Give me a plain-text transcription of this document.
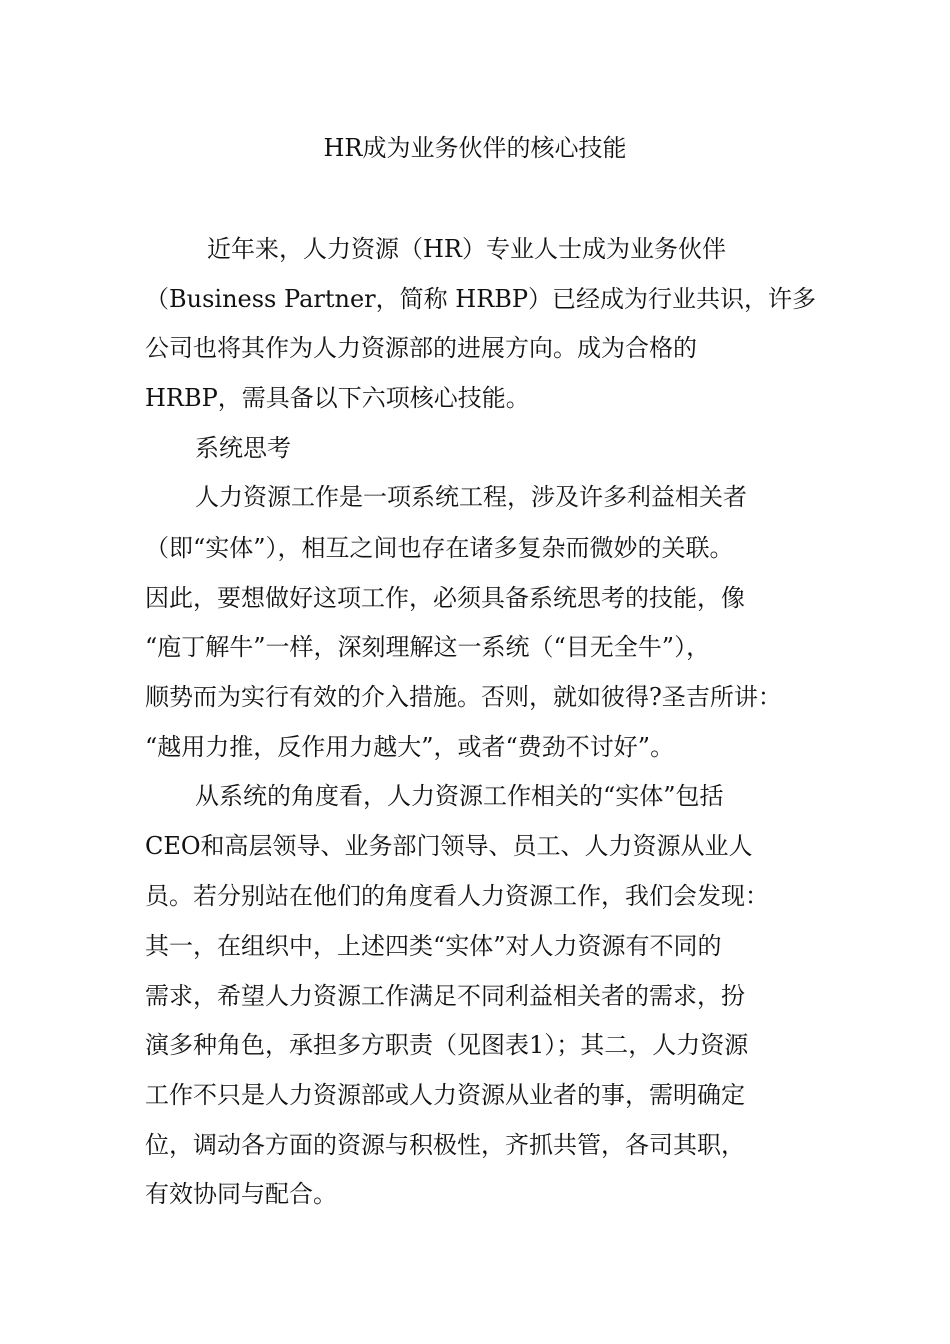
HR成为业务伙伴的核心技能

近年来，人力资源（HR）专业人士成为业务伙伴

（Business Partner，简称 HRBP）已经成为行业共识，许多

公司也将其作为人力资源部的进展方向。成为合格的

HRBP，需具备以下六项核心技能。

系统思考

人力资源工作是一项系统工程，涉及许多利益相关者

（即“实体”），相互之间也存在诸多复杂而微妙的关联。

因此，要想做好这项工作，必须具备系统思考的技能，像

“庖丁解牛”一样，深刻理解这一系统（“目无全牛”），

顺势而为实行有效的介入措施。否则，就如彼得?圣吉所讲：

“越用力推，反作用力越大”，或者“费劲不讨好”。

从系统的角度看，人力资源工作相关的“实体”包括

CEO和高层领导、业务部门领导、员工、人力资源从业人

员。若分别站在他们的角度看人力资源工作，我们会发现：

其一，在组织中，上述四类“实体”对人力资源有不同的

需求，希望人力资源工作满足不同利益相关者的需求，扮

演多种角色，承担多方职责（见图表1）；其二，人力资源

工作不只是人力资源部或人力资源从业者的事，需明确定

位，调动各方面的资源与积极性，齐抓共管，各司其职，

有效协同与配合。
